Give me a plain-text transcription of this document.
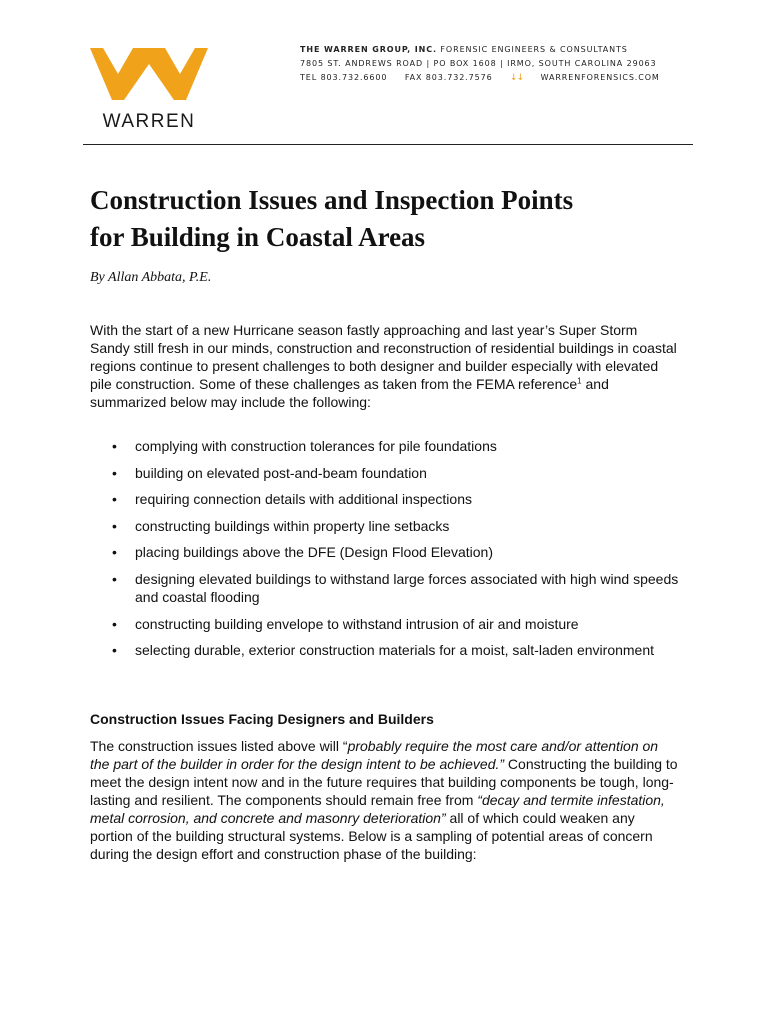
WARREN
THE WARREN GROUP, INC. FORENSIC ENGINEERS & CONSULTANTS
7805 ST. ANDREWS ROAD | PO BOX 1608 | IRMO, SOUTH CAROLINA 29063
TEL 803.732.6600 FAX 803.732.7576 ↓↓ WARRENFORENSICS.COM
Construction Issues and Inspection Points
for Building in Coastal Areas
By Allan Abbata, P.E.

With the start of a new Hurricane season fastly approaching and last year’s Super Storm Sandy still fresh in our minds, construction and reconstruction of residential buildings in coastal regions continue to present challenges to both designer and builder especially with elevated pile construction. Some of these challenges as taken from the FEMA reference$^1$ and summarized below may include the following:

• complying with construction tolerances for pile foundations
• building on elevated post-and-beam foundation
• requiring connection details with additional inspections
• constructing buildings within property line setbacks
• placing buildings above the DFE (Design Flood Elevation)
• designing elevated buildings to withstand large forces associated with high wind speeds and coastal flooding
• constructing building envelope to withstand intrusion of air and moisture
• selecting durable, exterior construction materials for a moist, salt-laden environment
Construction Issues Facing Designers and Builders

The construction issues listed above will “probably require the most care and/or attention on the part of the builder in order for the design intent to be achieved.” Constructing the building to meet the design intent now and in the future requires that building components be tough, long-lasting and resilient. The components should remain free from “decay and termite infestation, metal corrosion, and concrete and masonry deterioration” all of which could weaken any portion of the building structural systems. Below is a sampling of potential areas of concern during the design effort and construction phase of the building:
